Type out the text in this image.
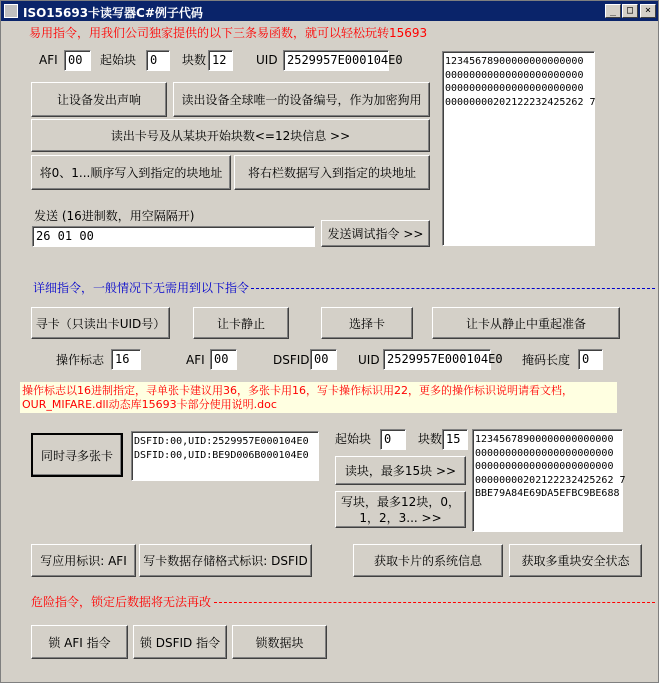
ISO15693卡读写器C#例子代码	_	□	×
易用指令，用我们公司独家提供的以下三条易函数，就可以轻松玩转15693
AFI 00	起始块	0	块数 12	UID 2529957E000104E0
让设备发出声响	读出设备全球唯一的设备编号，作为加密狗用
读出卡号及从某块开始块数<=12块信息 >>
将0、1...顺序写入到指定的块地址	将右栏数据写入到指定的块地址
发送 (16进制数，用空隔隔开)
26 01 00	发送调试指令 >>
12345678900000000000000
00000000000000000000000
00000000000000000000000
00000000202122232425262 7
详细指令，一般情况下无需用到以下指令
寻卡（只读出卡UID号）	让卡静止	选择卡	让卡从静止中重起准备
操作标志 16	AFI 00	DSFID 00	UID 2529957E000104E0 掩码长度 0
操作标志以16进制指定，寻单张卡建议用36，多张卡用16，写卡操作标识用22，更多的操作标识说明请看文档，
OUR_MIFARE.dll动态库15693卡部分使用说明.doc
同时寻多张卡
DSFID:00,UID:2529957E000104E0
DSFID:00,UID:BE9D006B000104E0
起始块	0	块数 15
读块，最多15块 >>
写块，最多12块，0，1，2，3... >>
12345678900000000000000
00000000000000000000000
00000000000000000000000
00000000202122232425262 7
BBE79A84E69DA5EFBC9BE688
写应用标识: AFI	写卡数据存储格式标识: DSFID	获取卡片的系统信息	获取多重块安全状态
危险指令，锁定后数据将无法再改
锁 AFI 指令	锁 DSFID 指令	锁数据块
